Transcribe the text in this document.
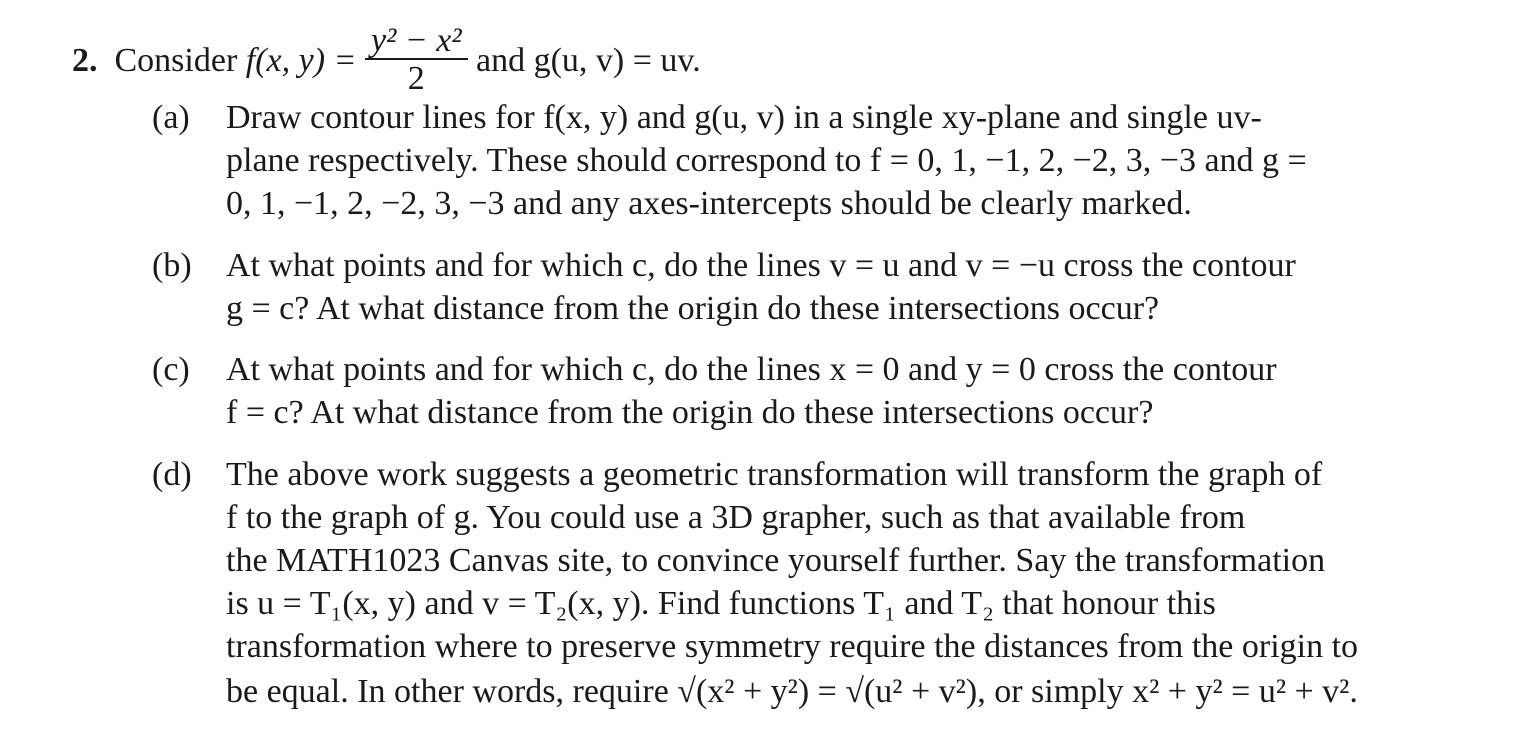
2. Consider f(x, $y) = \frac{\text{y² − x²}}{2}$ and g(u, v) = uv.
(a) Draw contour lines for f(x, y) and g(u, v) in a single xy-plane and single uv-
plane respectively. These should correspond to f = 0, 1, −1, 2, −2, 3, −3 and g =
0, 1, −1, 2, −2, 3, −3 and any axes-intercepts should be clearly marked.
(b) At what points and for which c, do the lines v = u and v = −u cross the contour
g = c? At what distance from the origin do these intersections occur?
(c) At what points and for which c, do the lines x = 0 and y = 0 cross the contour
f = c? At what distance from the origin do these intersections occur?
(d) The above work suggests a geometric transformation will transform the graph of
f to the graph of g. You could use a 3D grapher, such as that available from
the MATH1023 Canvas site, to convince yourself further. Say the transformation
is u = T₁(x, y) and v = T₂(x, y). Find functions T₁ and T₂ that honour this
transformation where to preserve symmetry require the distances from the origin to
be equal. In other words, require √(x² + y²) = √(u² + v²), or simply x² + y² = u² + v².
